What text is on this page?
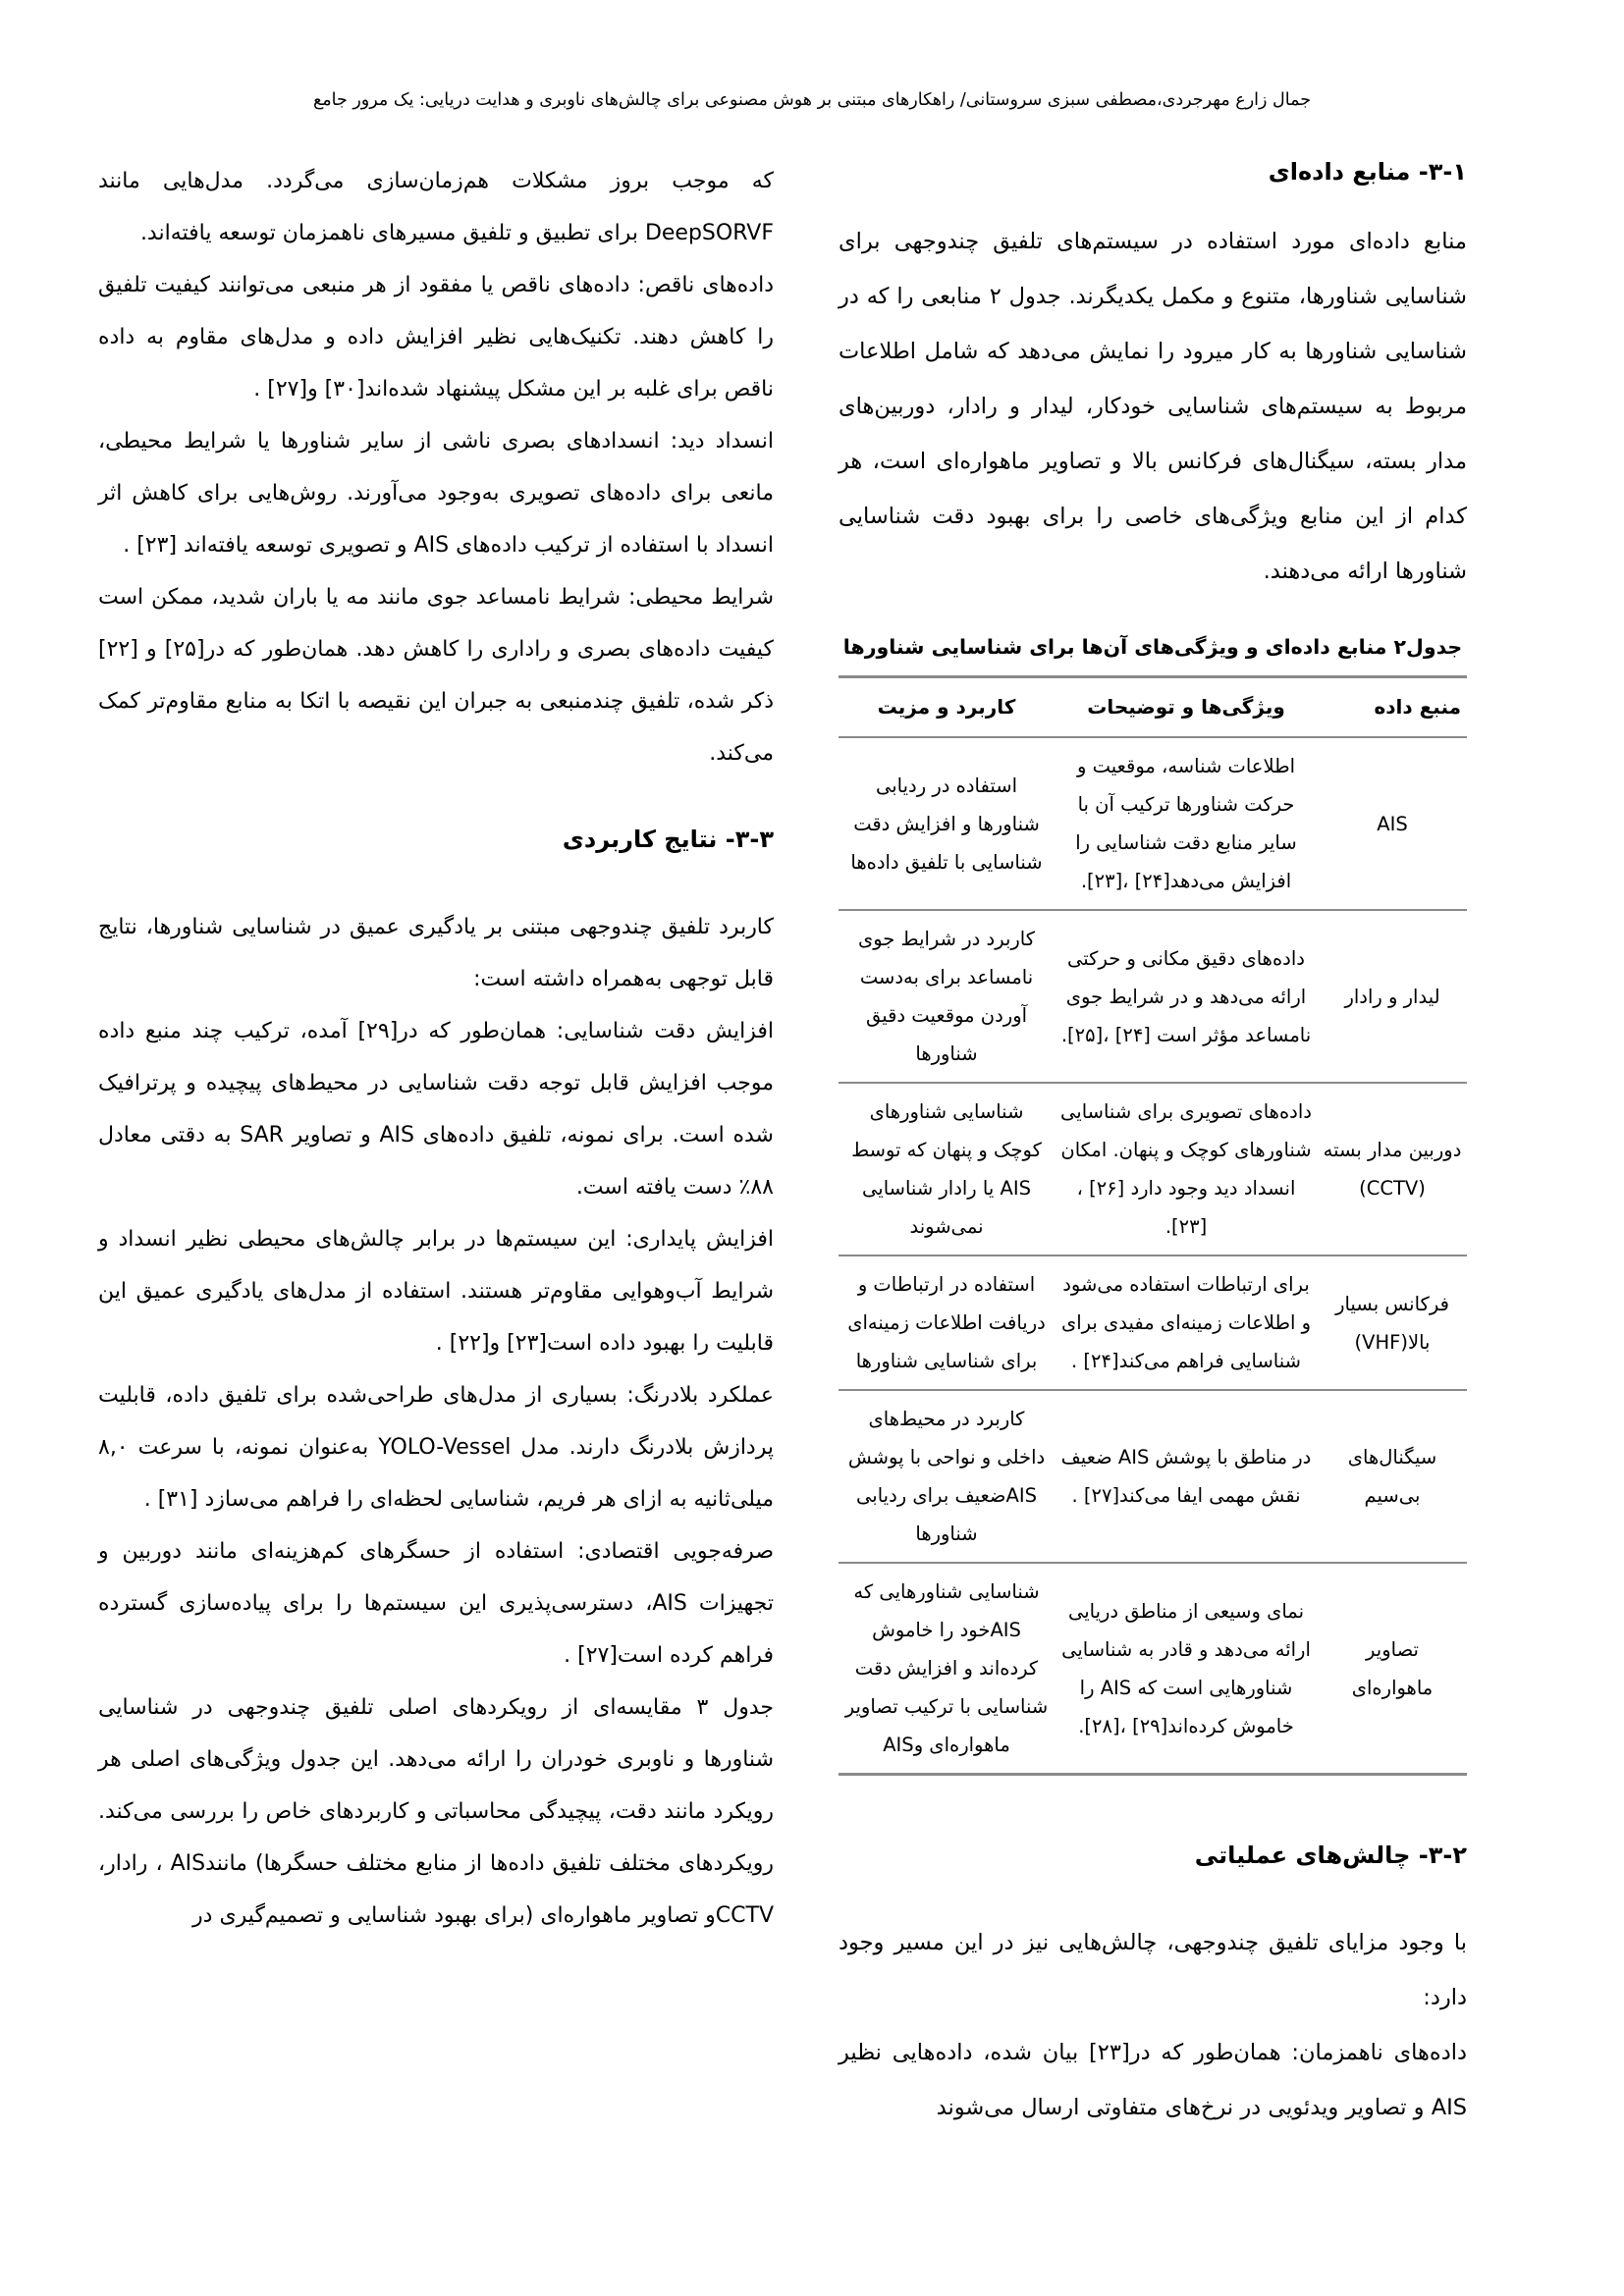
جمال زارع مهرجردی،مصطفی سبزی سروستانی/ راهکارهای مبتنی بر هوش مصنوعی برای چالش‌های ناوبری و هدایت دریایی: یک مرور جامع
۳-۱- منابع داده‌ای

منابع داده‌ای مورد استفاده در سیستم‌های تلفیق چندوجهی برای شناسایی شناورها، متنوع و مکمل یکدیگرند. جدول ۲ منابعی را که در شناسایی شناورها به کار میرود را نمایش می‌دهد که شامل اطلاعات مربوط به سیستم‌های شناسایی خودکار، لیدار و رادار، دوربین‌های مدار بسته، سیگنال‌های فرکانس بالا و تصاویر ماهواره‌ای است، هر کدام از این منابع ویژگی‌های خاصی را برای بهبود دقت شناسایی شناورها ارائه می‌دهند.

جدول۲ منابع داده‌ای و ویژگی‌های آن‌ها برای شناسایی شناورها
منبع داده	ویژگی‌ها و توضیحات	کاربرد و مزیت
AIS	اطلاعات شناسه، موقعیت و حرکت شناورها ترکیب آن با سایر منابع دقت شناسایی را افزایش می‌دهد[۲۴] ،[۲۳].	استفاده در ردیابی شناورها و افزایش دقت شناسایی با تلفیق داده‌ها
لیدار و رادار	داده‌های دقیق مکانی و حرکتی ارائه می‌دهد و در شرایط جوی نامساعد مؤثر است [۲۴] ،[۲۵].	کاربرد در شرایط جوی نامساعد برای به‌دست آوردن موقعیت دقیق شناورها
دوربین مدار بسته (CCTV)	داده‌های تصویری برای شناسایی شناورهای کوچک و پنهان. امکان انسداد دید وجود دارد [۲۶] ،[۲۳].	شناسایی شناورهای کوچک و پنهان که توسط AIS یا رادار شناسایی نمی‌شوند
فرکانس بسیار بالا(VHF)	برای ارتباطات استفاده می‌شود و اطلاعات زمینه‌ای مفیدی برای شناسایی فراهم می‌کند[۲۴] .	استفاده در ارتباطات و دریافت اطلاعات زمینه‌ای برای شناسایی شناورها
سیگنال‌های بی‌سیم	در مناطق با پوشش AIS ضعیف نقش مهمی ایفا می‌کند[۲۷] .	کاربرد در محیط‌های داخلی و نواحی با پوشش AISضعیف برای ردیابی شناورها
تصاویر ماهواره‌ای	نمای وسیعی از مناطق دریایی ارائه می‌دهد و قادر به شناسایی شناورهایی است که AIS را خاموش کرده‌اند[۲۹] ،[۲۸].	شناسایی شناورهایی که AISخود را خاموش کرده‌اند و افزایش دقت شناسایی با ترکیب تصاویر ماهواره‌ای وAIS
۳-۲- چالش‌های عملیاتی

با وجود مزایای تلفیق چندوجهی، چالش‌هایی نیز در این مسیر وجود دارد:

داده‌های ناهمزمان: همان‌طور که در[۲۳] بیان شده، داده‌هایی نظیر AIS و تصاویر ویدئویی در نرخ‌های متفاوتی ارسال می‌شوند

که موجب بروز مشکلات هم‌زمان‌سازی می‌گردد. مدل‌هایی مانند DeepSORVF برای تطبیق و تلفیق مسیرهای ناهمزمان توسعه یافته‌اند.

داده‌های ناقص: داده‌های ناقص یا مفقود از هر منبعی می‌توانند کیفیت تلفیق را کاهش دهند. تکنیک‌هایی نظیر افزایش داده و مدل‌های مقاوم به داده ناقص برای غلبه بر این مشکل پیشنهاد شده‌اند[۳۰] و[۲۷] .

انسداد دید: انسدادهای بصری ناشی از سایر شناورها یا شرایط محیطی، مانعی برای داده‌های تصویری به‌وجود می‌آورند. روش‌هایی برای کاهش اثر انسداد با استفاده از ترکیب داده‌های AIS و تصویری توسعه یافته‌اند [۲۳] .

شرایط محیطی: شرایط نامساعد جوی مانند مه یا باران شدید، ممکن است کیفیت داده‌های بصری و راداری را کاهش دهد. همان‌طور که در[۲۵] و [۲۲] ذکر شده، تلفیق چندمنبعی به جبران این نقیصه با اتکا به منابع مقاوم‌تر کمک می‌کند.

۳-۳- نتایج کاربردی

کاربرد تلفیق چندوجهی مبتنی بر یادگیری عمیق در شناسایی شناورها، نتایج قابل توجهی به‌همراه داشته است:

افزایش دقت شناسایی: همان‌طور که در[۲۹] آمده، ترکیب چند منبع داده موجب افزایش قابل توجه دقت شناسایی در محیط‌های پیچیده و پرترافیک شده است. برای نمونه، تلفیق داده‌های AIS و تصاویر SAR به دقتی معادل ۸۸٪ دست یافته است.

افزایش پایداری: این سیستم‌ها در برابر چالش‌های محیطی نظیر انسداد و شرایط آب‌وهوایی مقاوم‌تر هستند. استفاده از مدل‌های یادگیری عمیق این قابلیت را بهبود داده است[۲۳] و[۲۲] .

عملکرد بلادرنگ: بسیاری از مدل‌های طراحی‌شده برای تلفیق داده، قابلیت پردازش بلادرنگ دارند. مدل YOLO-Vessel به‌عنوان نمونه، با سرعت ۸,۰ میلی‌ثانیه به ازای هر فریم، شناسایی لحظه‌ای را فراهم می‌سازد [۳۱] .

صرفه‌جویی اقتصادی: استفاده از حسگرهای کم‌هزینه‌ای مانند دوربین و تجهیزات AIS، دسترسی‌پذیری این سیستم‌ها را برای پیاده‌سازی گسترده فراهم کرده است[۲۷] .

جدول ۳ مقایسه‌ای از رویکردهای اصلی تلفیق چندوجهی در شناسایی شناورها و ناوبری خودران را ارائه می‌دهد. این جدول ویژگی‌های اصلی هر رویکرد مانند دقت، پیچیدگی محاسباتی و کاربردهای خاص را بررسی می‌کند. رویکردهای مختلف تلفیق داده‌ها از منابع مختلف حسگرها) مانندAIS ، رادار، CCTVو تصاویر ماهواره‌ای (برای بهبود شناسایی و تصمیم‌گیری در
